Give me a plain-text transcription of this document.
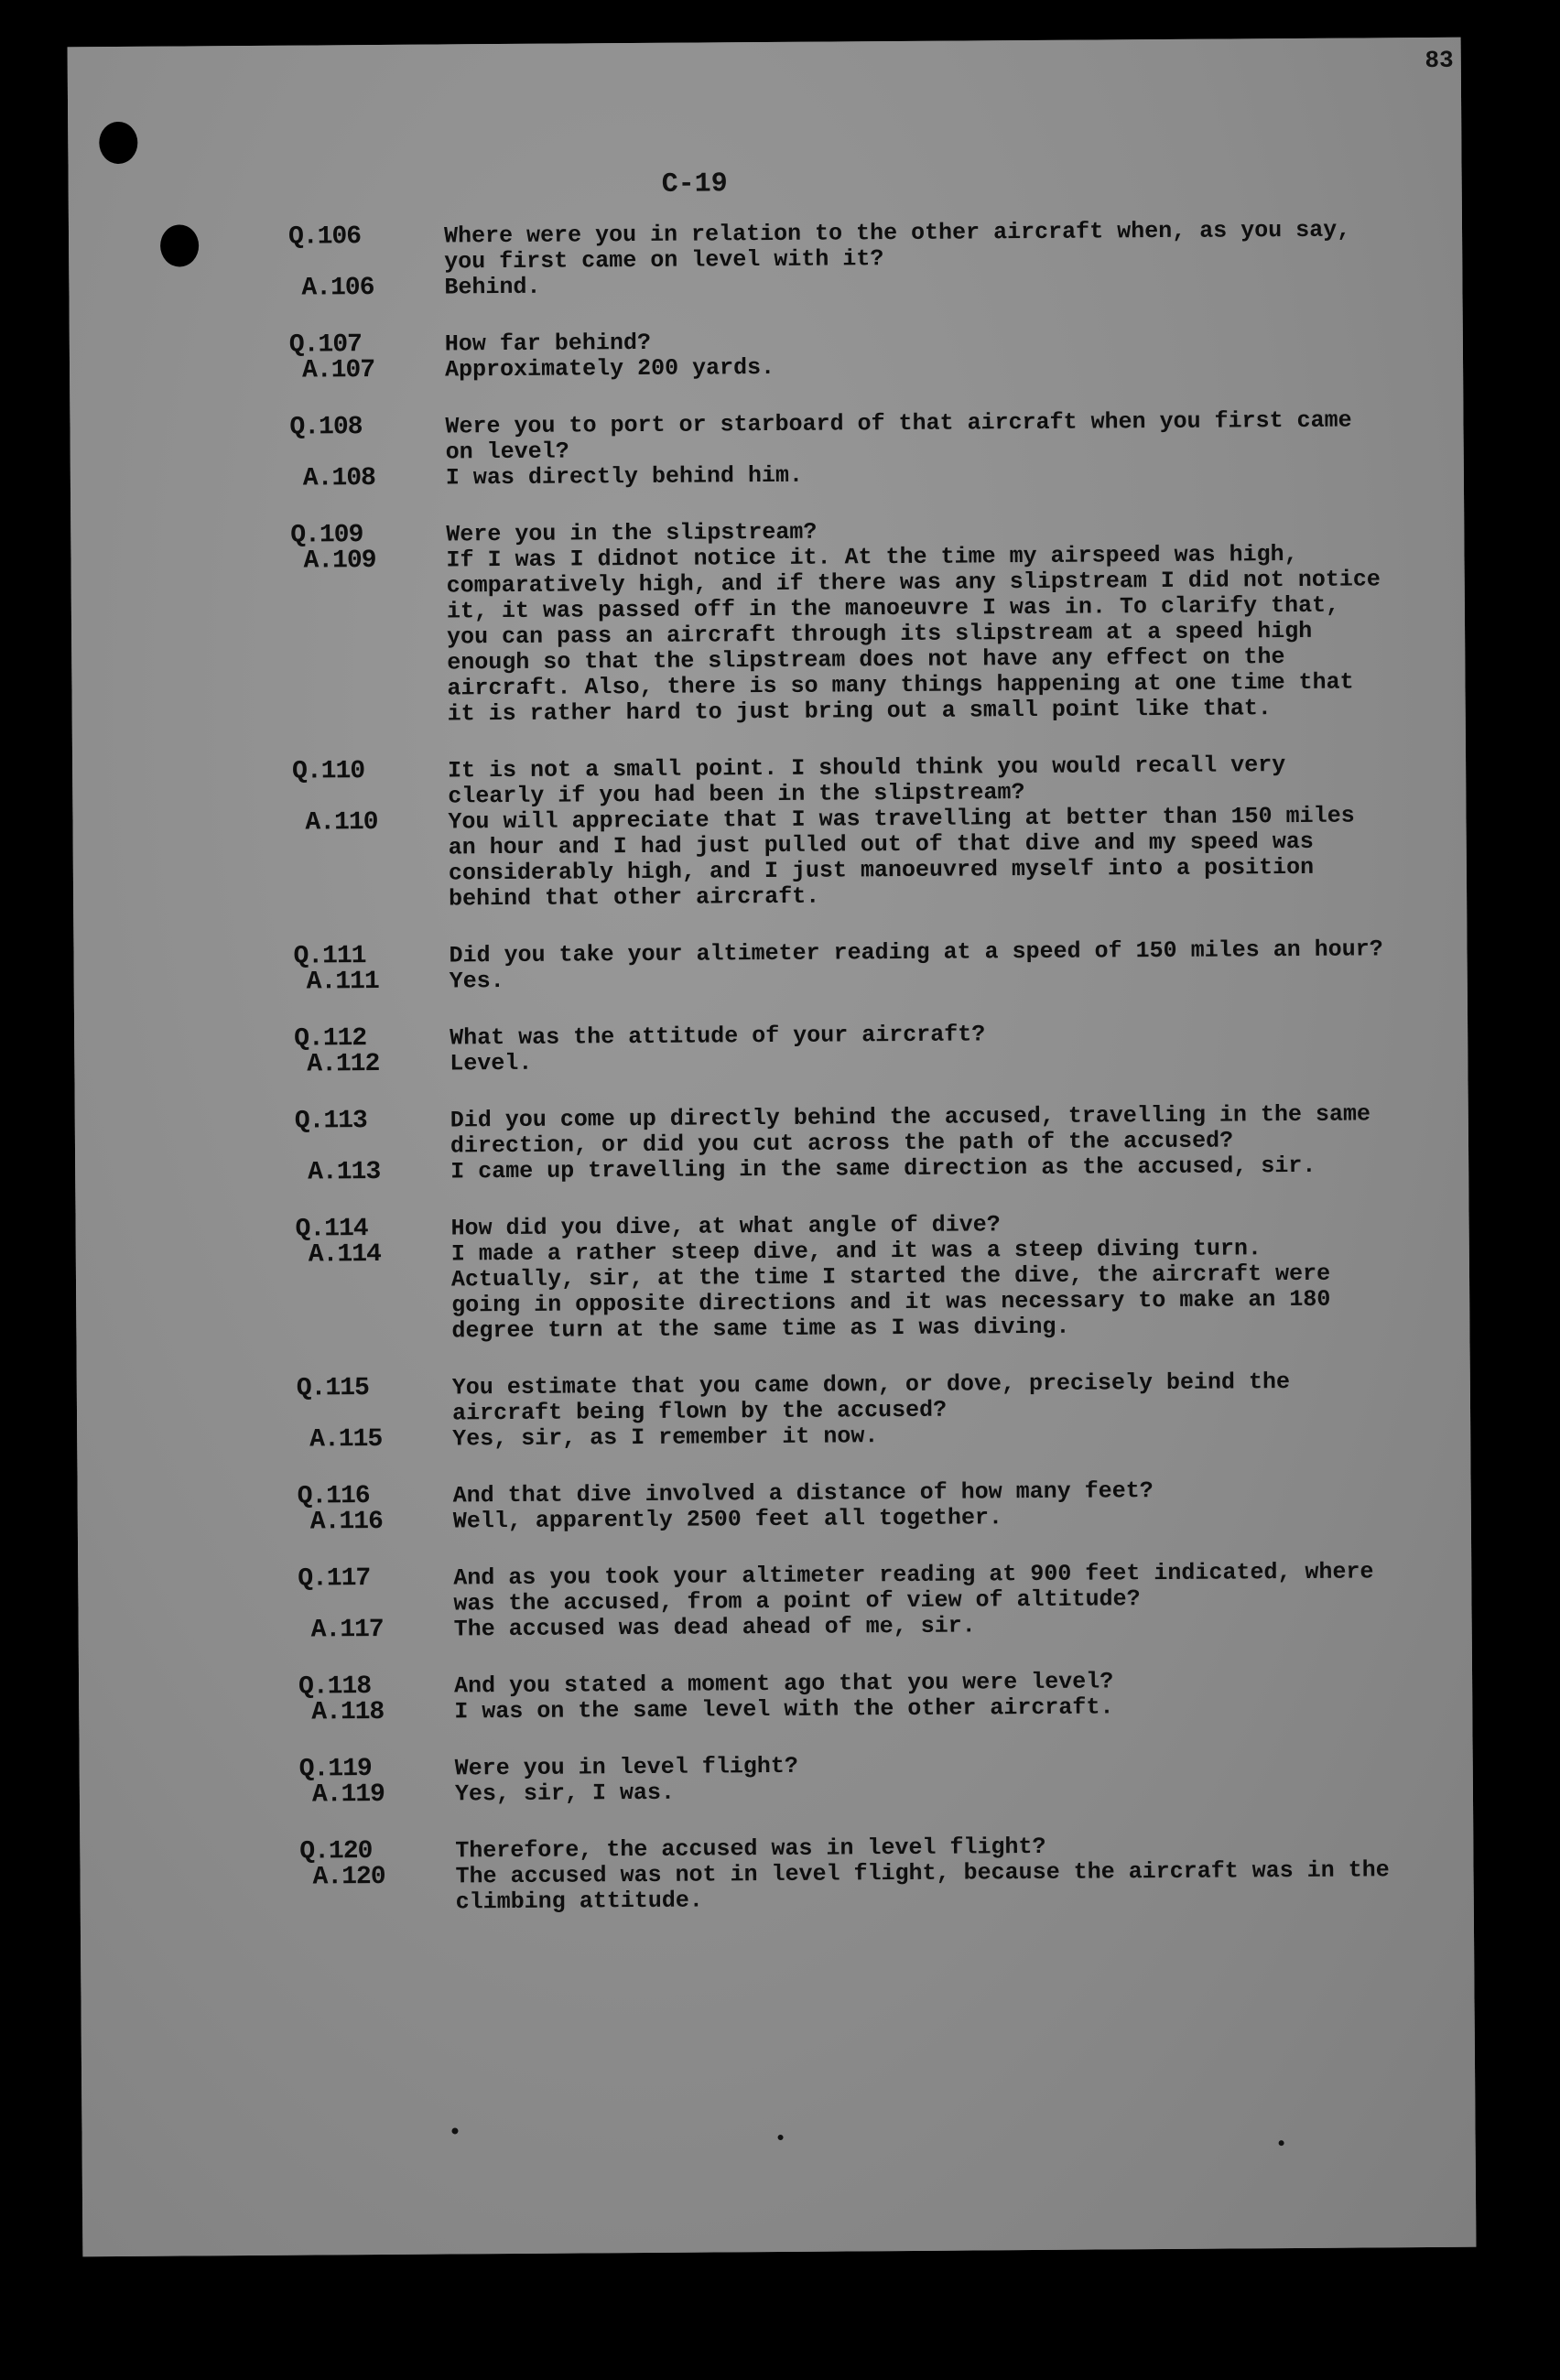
83
C-19
Q.106	Where were you in relation to the other aircraft when, as you say, you first came on level with it?
A.106	Behind.
Q.107	How far behind?
A.107	Approximately 200 yards.
Q.108	Were you to port or starboard of that aircraft when you first came on level?
A.108	I was directly behind him.
Q.109	Were you in the slipstream?
A.109	If I was I didnot notice it. At the time my airspeed was high, comparatively high, and if there was any slipstream I did not notice it, it was passed off in the manoeuvre I was in. To clarify that, you can pass an aircraft through its slipstream at a speed high enough so that the slipstream does not have any effect on the aircraft. Also, there is so many things happening at one time that it is rather hard to just bring out a small point like that.
Q.110	It is not a small point. I should think you would recall very clearly if you had been in the slipstream?
A.110	You will appreciate that I was travelling at better than 150 miles an hour and I had just pulled out of that dive and my speed was considerably high, and I just manoeuvred myself into a position behind that other aircraft.
Q.111	Did you take your altimeter reading at a speed of 150 miles an hour?
A.111	Yes.
Q.112	What was the attitude of your aircraft?
A.112	Level.
Q.113	Did you come up directly behind the accused, travelling in the same direction, or did you cut across the path of the accused?
A.113	I came up travelling in the same direction as the accused, sir.
Q.114	How did you dive, at what angle of dive?
A.114	I made a rather steep dive, and it was a steep diving turn. Actually, sir, at the time I started the dive, the aircraft were going in opposite directions and it was necessary to make an 180 degree turn at the same time as I was diving.
Q.115	You estimate that you came down, or dove, precisely beind the aircraft being flown by the accused?
A.115	Yes, sir, as I remember it now.
Q.116	And that dive involved a distance of how many feet?
A.116	Well, apparently 2500 feet all together.
Q.117	And as you took your altimeter reading at 900 feet indicated, where was the accused, from a point of view of altitude?
A.117	The accused was dead ahead of me, sir.
Q.118	And you stated a moment ago that you were level?
A.118	I was on the same level with the other aircraft.
Q.119	Were you in level flight?
A.119	Yes, sir, I was.
Q.120	Therefore, the accused was in level flight?
A.120	The accused was not in level flight, because the aircraft was in the climbing attitude.
